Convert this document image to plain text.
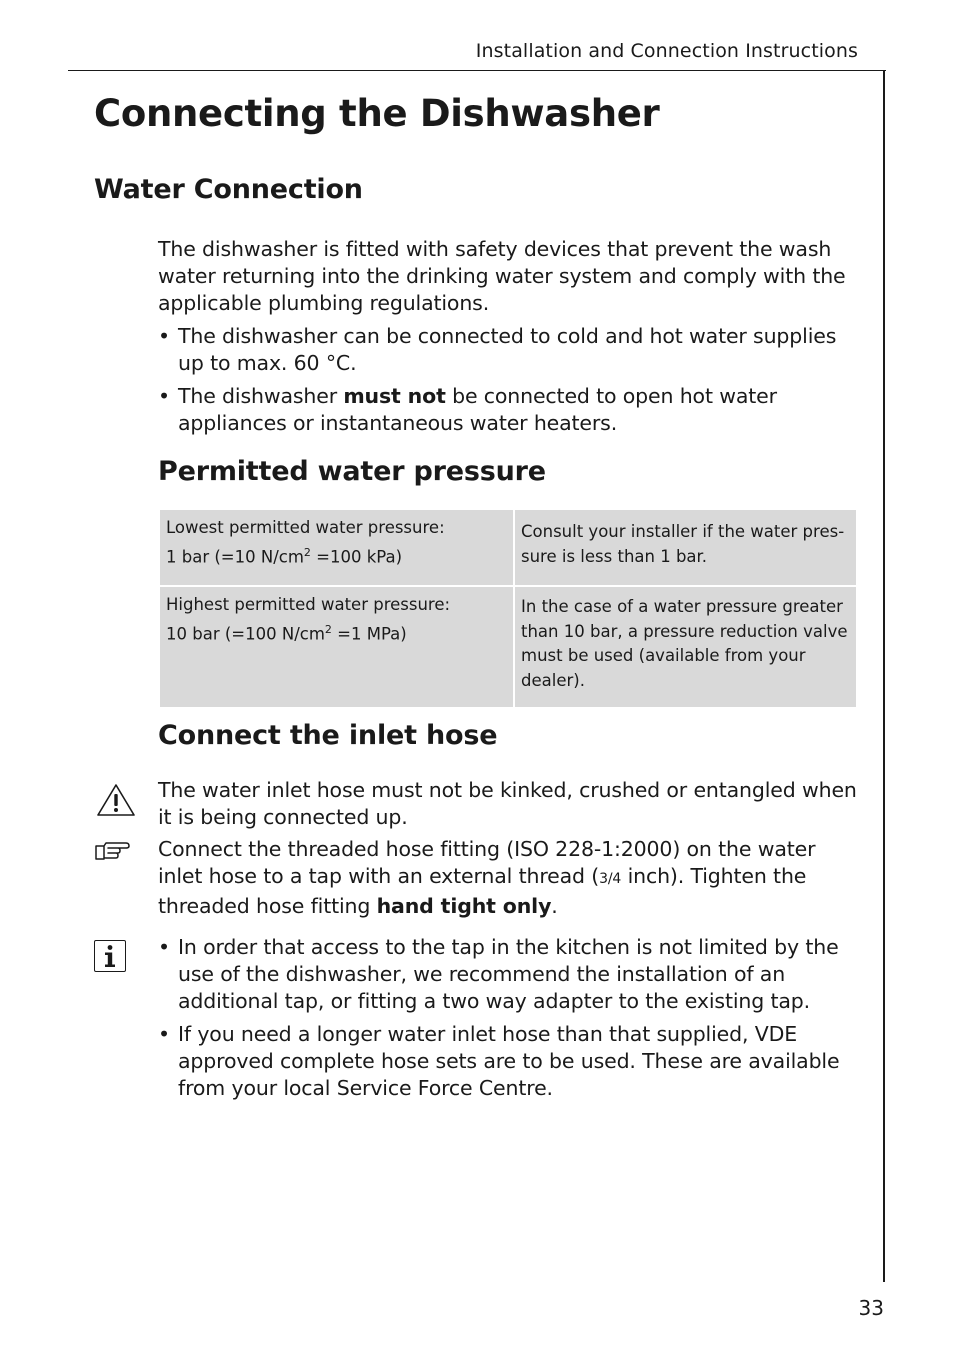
Installation and Connection Instructions
Connecting the Dishwasher
Water Connection

The dishwasher is fitted with safety devices that prevent the wash water returning into the drinking water system and comply with the applicable plumbing regulations.

• The dishwasher can be connected to cold and hot water supplies up to max. 60 °C.

• The dishwasher must not be connected to open hot water appliances or instantaneous water heaters.

Permitted water pressure
Lowest permitted water pressure:
1 bar (=10 $N/cm^2 =100$ kPa)	Consult your installer if the water pres- sure is less than 1 bar.

Highest permitted water pressure:
10 bar (=100 $N/cm^2 =1$ MPa)	In the case of a water pressure greater than 10 bar, a pressure reduction valve must be used (available from your dealer).
Connect the inlet hose
The water inlet hose must not be kinked, crushed or entangled when it is being connected up.
Connect the threaded hose fitting (ISO 228-1:2000) on the water inlet hose to a tap with an external thread (3/4 inch). Tighten the threaded hose fitting hand tight only.

• In order that access to the tap in the kitchen is not limited by the use of the dishwasher, we recommend the installation of an additional tap, or fitting a two way adapter to the existing tap.

• If you need a longer water inlet hose than that supplied, VDE approved complete hose sets are to be used. These are available from your local Service Force Centre.

33
